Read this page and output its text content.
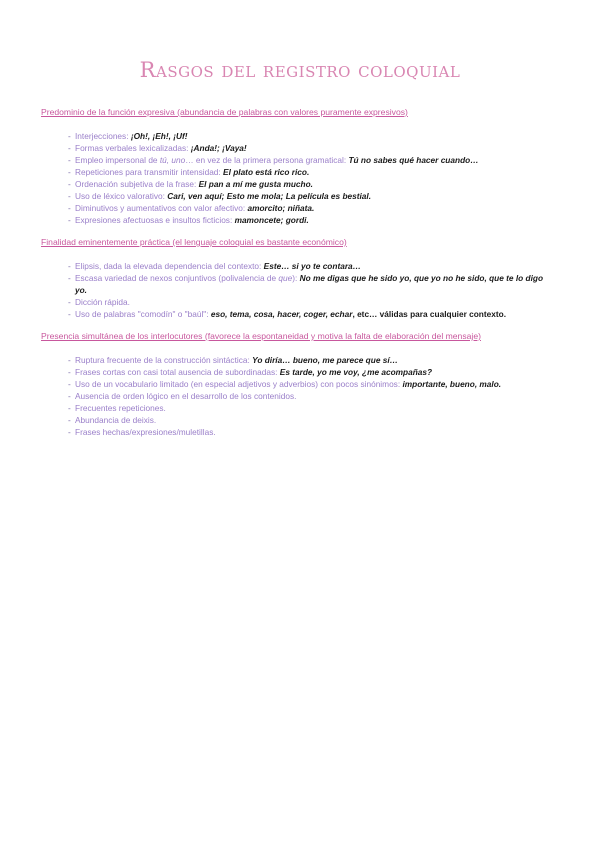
Rasgos del registro coloquial
Predominio de la función expresiva (abundancia de palabras con valores puramente expresivos)
- Interjecciones: ¡Oh!, ¡Eh!, ¡Uf!
- Formas verbales lexicalizadas: ¡Anda!; ¡Vaya!
- Empleo impersonal de tú, uno… en vez de la primera persona gramatical: Tú no sabes qué hacer cuando…
- Repeticiones para transmitir intensidad: El plato está rico rico.
- Ordenación subjetiva de la frase: El pan a mí me gusta mucho.
- Uso de léxico valorativo: Cari, ven aquí; Esto me mola; La película es bestial.
- Diminutivos y aumentativos con valor afectivo: amorcito; niñata.
- Expresiones afectuosas e insultos ficticios: mamoncete; gordi.
Finalidad eminentemente práctica (el lenguaje coloquial es bastante económico)
- Elipsis, dada la elevada dependencia del contexto: Este… si yo te contara…
- Escasa variedad de nexos conjuntivos (polivalencia de que): No me digas que he sido yo, que yo no he sido, que te lo digo yo.
- Dicción rápida.
- Uso de palabras "comodín" o "baúl": eso, tema, cosa, hacer, coger, echar, etc… válidas para cualquier contexto.
Presencia simultánea de los interlocutores (favorece la espontaneidad y motiva la falta de elaboración del mensaje)
- Ruptura frecuente de la construcción sintáctica: Yo diría… bueno, me parece que sí…
- Frases cortas con casi total ausencia de subordinadas: Es tarde, yo me voy, ¿me acompañas?
- Uso de un vocabulario limitado (en especial adjetivos y adverbios) con pocos sinónimos: importante, bueno, malo.
- Ausencia de orden lógico en el desarrollo de los contenidos.
- Frecuentes repeticiones.
- Abundancia de deixis.
- Frases hechas/expresiones/muletillas.
